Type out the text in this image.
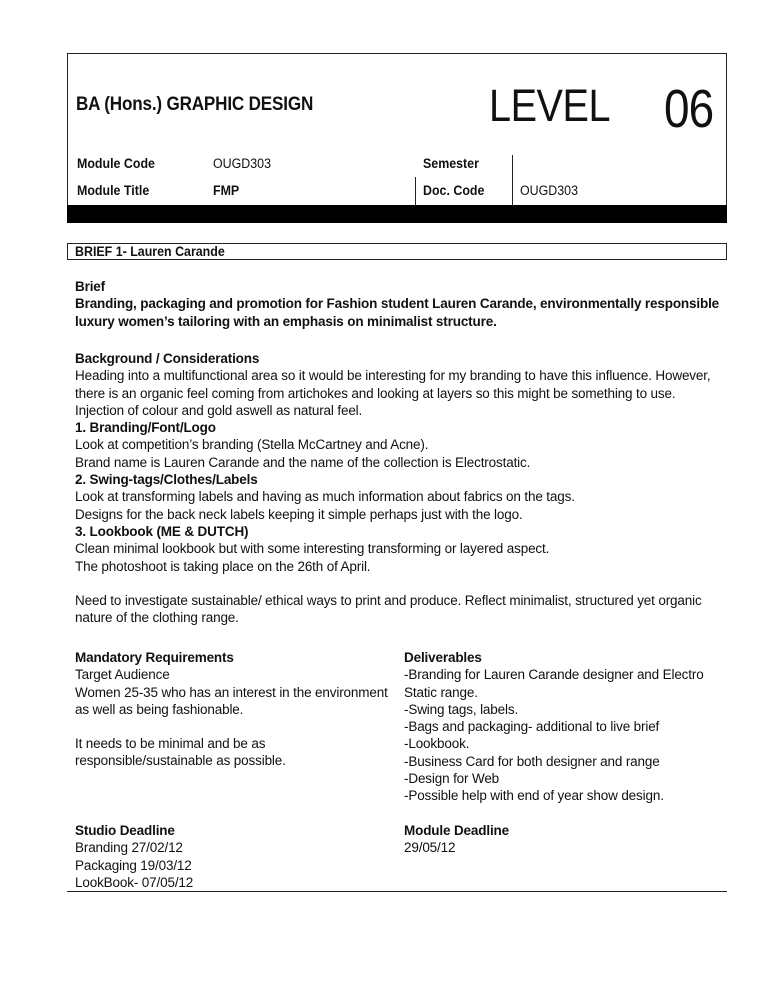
BA (Hons.) GRAPHIC DESIGN	LEVEL 06
Module Code	OUGD303	Semester
Module Title	FMP	Doc. Code	OUGD303
BRIEF 1- Lauren Carande

Brief

Branding, packaging and promotion for Fashion student Lauren Carande, environmentally responsible luxury women’s tailoring with an emphasis on minimalist structure.

Background / Considerations

Heading into a multifunctional area so it would be interesting for my branding to have this influence. However, there is an organic feel coming from artichokes and looking at layers so this might be something to use. Injection of colour and gold aswell as natural feel.

1. Branding/Font/Logo

Look at competition’s branding (Stella McCartney and Acne).

Brand name is Lauren Carande and the name of the collection is Electrostatic.

2. Swing-tags/Clothes/Labels

Look at transforming labels and having as much information about fabrics on the tags.

Designs for the back neck labels keeping it simple perhaps just with the logo.

3. Lookbook (ME & DUTCH)

Clean minimal lookbook but with some interesting transforming or layered aspect.

The photoshoot is taking place on the 26th of April.

Need to investigate sustainable/ ethical ways to print and produce. Reflect minimalist, structured yet organic nature of the clothing range.

Mandatory Requirements

Target Audience

Women 25-35 who has an interest in the environment as well as being fashionable.

It needs to be minimal and be as responsible/sustainable as possible.

Deliverables

-Branding for Lauren Carande designer and Electro Static range.

-Swing tags, labels.

-Bags and packaging- additional to live brief

-Lookbook.

-Business Card for both designer and range

-Design for Web

-Possible help with end of year show design.

Studio Deadline

Branding 27/02/12

Packaging 19/03/12

LookBook- 07/05/12

Module Deadline

29/05/12
